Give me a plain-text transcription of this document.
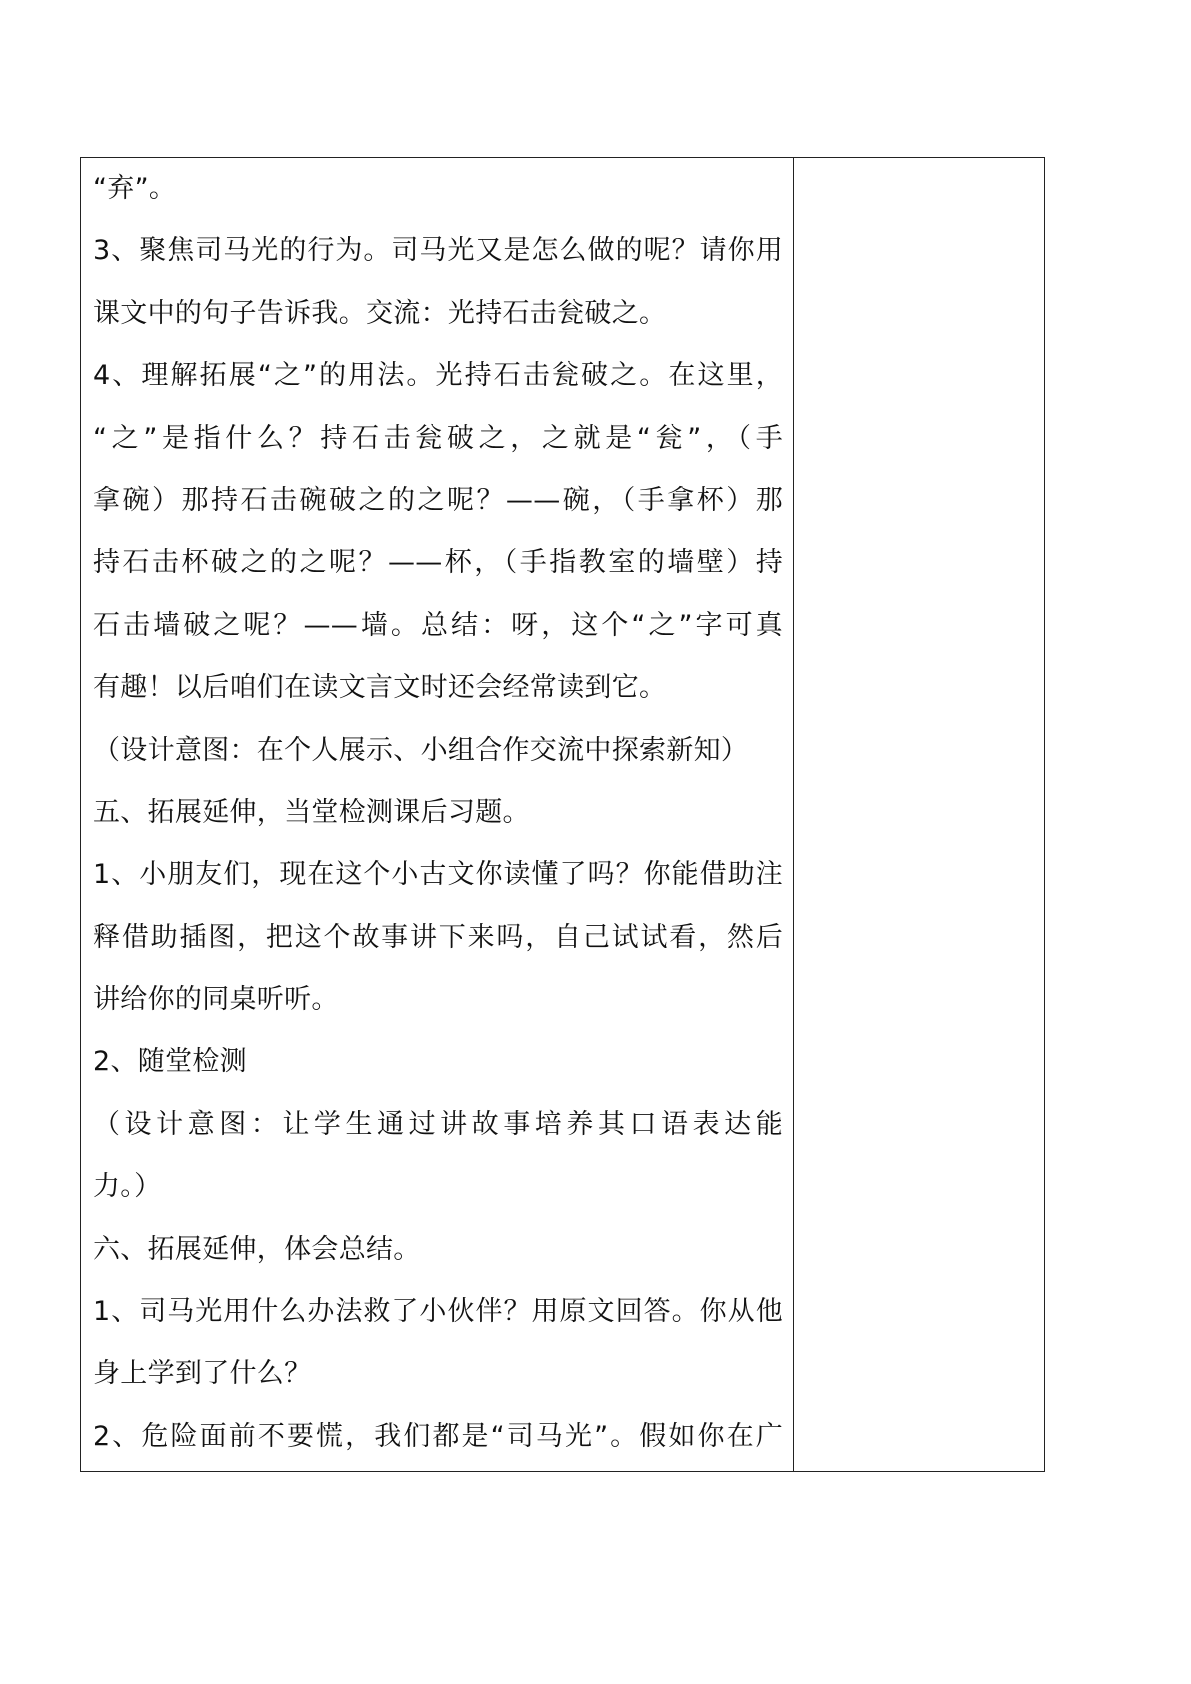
“弃”。
3、聚焦司马光的行为。司马光又是怎么做的呢？请你用
课文中的句子告诉我。交流：光持石击瓮破之。
4、理解拓展“之”的用法。光持石击瓮破之。在这里，
“之”是指什么？持石击瓮破之，之就是“瓮”，（手
拿碗）那持石击碗破之的之呢？——碗，（手拿杯）那
持石击杯破之的之呢？——杯，（手指教室的墙壁）持
石击墙破之呢？——墙。总结：呀，这个“之”字可真
有趣！以后咱们在读文言文时还会经常读到它。
（设计意图：在个人展示、小组合作交流中探索新知）
五、拓展延伸，当堂检测课后习题。
1、小朋友们，现在这个小古文你读懂了吗？你能借助注
释借助插图，把这个故事讲下来吗，自己试试看，然后
讲给你的同桌听听。
2、随堂检测
（设计意图：让学生通过讲故事培养其口语表达能
力。）
六、拓展延伸，体会总结。
1、司马光用什么办法救了小伙伴？用原文回答。你从他
身上学到了什么？
2、危险面前不要慌，我们都是“司马光”。假如你在广
